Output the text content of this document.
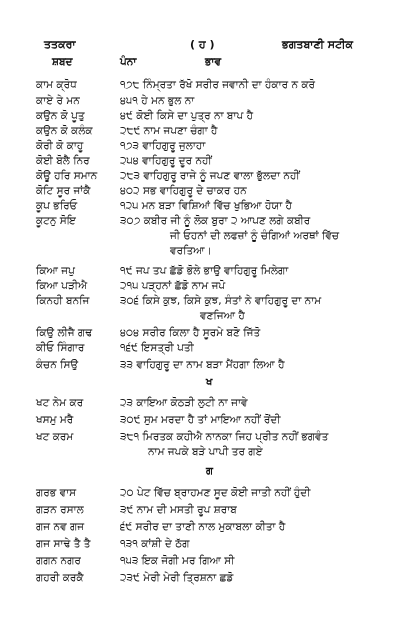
ਤਤਕਰਾ	( ਹ )	ਭਗਤਬਾਣੀ ਸਟੀਕ
ਸ਼ਬਦ	ਪੰਨਾ	ਭਾਵ
ਕਾਮ ਕ੍ਰੋਧ	੧੭੮ ਨਿੰਮ੍ਰਤਾ ਰੱਖੋ ਸਰੀਰ ਜਵਾਨੀ ਦਾ ਹੰਕਾਰ ਨ ਕਰੋ
ਕਾਏ ਰੇ ਮਨ	੪੫੧ ਹੇ ਮਨ ਭੁਲ ਨਾ
ਕਉਨ ਕੋ ਪੂਤੁ	੪੯ ਕੋਈ ਕਿਸੇ ਦਾ ਪੁਤ੍ਰ ਨਾ ਬਾਪ ਹੈ
ਕਉਨ ਕੋ ਕਲੰਕ	੨੮੯ ਨਾਮ ਜਪਣਾ ਚੰਗਾ ਹੈ
ਕੋਰੀ ਕੋ ਕਾਹੂ	੧੭੩ ਵਾਹਿਗੁਰੂ ਜੁਲਾਹਾ
ਕੋਈ ਬੋਲੈ ਨਿਰ	੨੫੪ ਵਾਹਿਗੁਰੂ ਦੂਰ ਨਹੀਂ
ਕੋਊ ਹਰਿ ਸਮਾਨ ੨੮੩ ਵਾਹਿਗੁਰੂ ਰਾਜੇ ਨੂੰ ਜਪਣ ਵਾਲਾ ਭੁੱਲਦਾ ਨਹੀਂ
ਕੋਟਿ ਸੂਰ ਜਾਂਕੈ	੪੦੨ ਸਭ ਵਾਹਿਗੁਰੂ ਦੇ ਚਾਕਰ ਹਨ
ਕੂਪ ਭਰਿਓ	੧੨੫ ਮਨ ਬੜਾ ਵਿਸ਼ਿਆਂ ਵਿੱਚ ਖੁਭਿਆ ਹੋਯਾ ਹੈ
ਕੂਟਨੁ ਸੋਇ	੩੦੭ ਕਬੀਰ ਜੀ ਨੂੰ ਲੋਕ ਬੁਰਾ ੨ ਆਪਣ ਲਗੇ ਕਬੀਰ
ਜੀ ਓਹਨਾਂ ਦੀ ਲਫਜ਼ਾਂ ਨੂੰ ਚੰਗਿਆਂ ਅਰਥਾਂ ਵਿੱਚ
ਵਰਤਿਆ।
ਕਿਆ ਜਪੁ	੧੯ ਜਪ ਤਪ ਛੱਡੋ ਭੋਲੇ ਭਾਉ ਵਾਹਿਗੁਰੂ ਮਿਲੇਗਾ
ਕਿਆ ਪੜੀਐ	੨੧੫ ਪੜ੍ਹਨਾਂ ਛੱਡੋ ਨਾਮ ਜਪੋ
ਕਿਨਹੀ ਬਨਜਿ	੩੦੬ ਕਿਸੇ ਕੁਝ, ਕਿਸੇ ਕੁਝ, ਸੰਤਾਂ ਨੇ ਵਾਹਿਗੁਰੂ ਦਾ ਨਾਮ
ਵਣਜਿਆ ਹੈ
ਕਿਉ ਲੀਜੈ ਗਢ	੪੦੪ ਸਰੀਰ ਕਿਲਾ ਹੈ ਸੂਰਮੇ ਬਣੋ ਜਿੱਤੋ
ਕੀਓ ਸਿੰਗਾਰ	੧੬੯ ਇਸਤ੍ਰੀ ਪਤੀ
ਕੰਚਨ ਸਿਉ	੩੩ ਵਾਹਿਗੁਰੂ ਦਾ ਨਾਮ ਬੜਾ ਮੈਂਹਗਾ ਲਿਆ ਹੈ
ਖ
ਖਟ ਨੇਮ ਕਰ	੨੩ ਕਾਇਆ ਕੋਠੜੀ ਲੁਟੀ ਨਾ ਜਾਵੇ
ਖਸਮੁ ਮਰੈ	੩੦੯ ਸੁਮ ਮਰਦਾ ਹੈ ਤਾਂ ਮਾਇਆ ਨਹੀਂ ਰੋਂਦੀ
ਖਟ ਕਰਮ	੩੮੧ ਮਿਰਤਕ ਕਹੀਐ ਨਾਨਕਾ ਜਿਹ ਪ੍ਰੀਤ ਨਹੀਂ ਭਗਵੰਤ
ਨਾਮ ਜਪਕੇ ਬੜੇ ਪਾਪੀ ਤਰ ਗਏ
ਗ
ਗਰਭ ਵਾਸ	੨੦ ਪੇਟ ਵਿੱਚ ਬ੍ਰਾਹਮਣ ਸੂਦ ਕੋਈ ਜਾਤੀ ਨਹੀਂ ਹੁੰਦੀ
ਗੜਨ ਰਸਾਲ	੩੯ ਨਾਮ ਦੀ ਮਸਤੀ ਰੂਪ ਸ਼ਰਾਬ
ਗਜ ਨਵ ਗਜ	੬੯ ਸਰੀਰ ਦਾ ਤਾਣੀ ਨਾਲ ਮੁਕਾਬਲਾ ਕੀਤਾ ਹੈ
ਗਜ ਸਾਢੇ ਤੈ ਤੈ	੧੩੧ ਕਾਂਸ਼ੀ ਦੇ ਠੱਗ
ਗਗਨ ਨਗਰ	੧੫੩ ਇਕ ਜੋਗੀ ਮਰ ਗਿਆ ਸੀ
ਗਹਰੀ ਕਰਕੈ	੨੩੯ ਮੇਰੀ ਮੇਰੀ ਤ੍ਰਿਸ਼ਨਾ ਛਡੋ
